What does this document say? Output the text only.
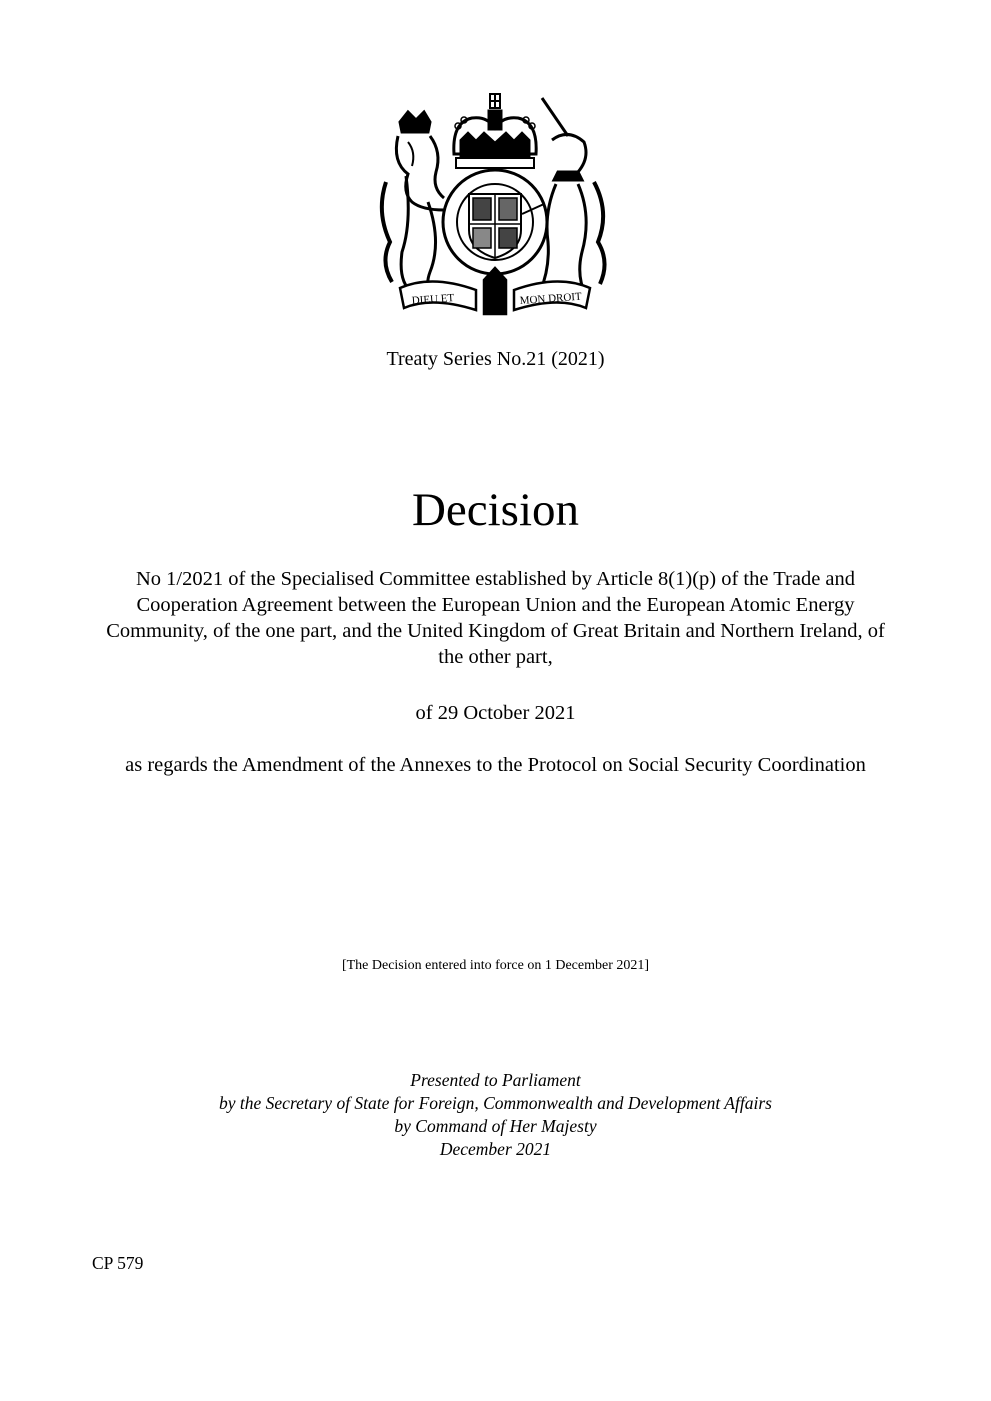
DIEU ET	MON DROIT
Treaty Series No.21 (2021)
Decision
No 1/2021 of the Specialised Committee established by Article 8(1)(p) of the Trade and Cooperation Agreement between the European Union and the European Atomic Energy Community, of the one part, and the United Kingdom of Great Britain and Northern Ireland, of the other part,
of 29 October 2021
as regards the Amendment of the Annexes to the Protocol on Social Security Coordination
[The Decision entered into force on 1 December 2021]
Presented to Parliament
by the Secretary of State for Foreign, Commonwealth and Development Affairs
by Command of Her Majesty
December 2021
CP 579
